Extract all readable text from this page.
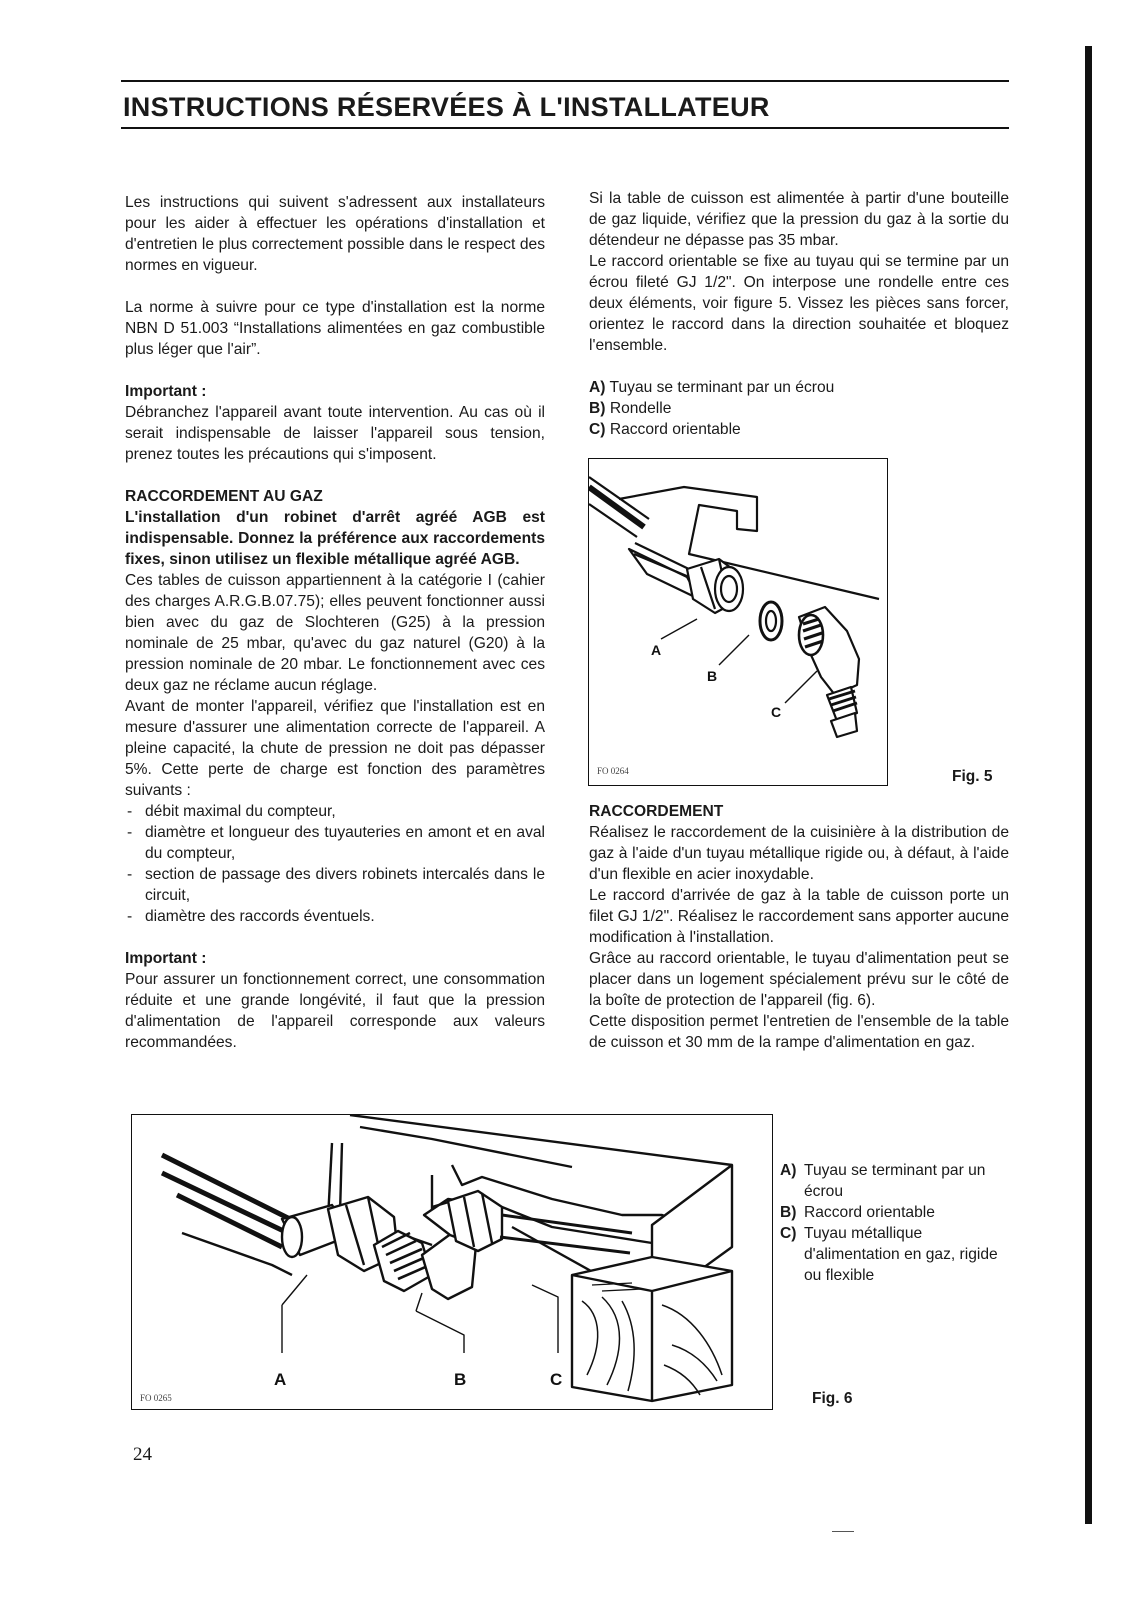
INSTRUCTIONS RÉSERVÉES À L'INSTALLATEUR

Les instructions qui suivent s'adressent aux installateurs pour les aider à effectuer les opérations d'installation et d'entretien le plus correctement possible dans le respect des normes en vigueur.

La norme à suivre pour ce type d'installation est la norme NBN D 51.003 “Installations alimentées en gaz combustible plus léger que l'air”.

Important :

Débranchez l'appareil avant toute intervention. Au cas où il serait indispensable de laisser l'appareil sous tension, prenez toutes les précautions qui s'imposent.

RACCORDEMENT AU GAZ

L'installation d'un robinet d'arrêt agréé AGB est indispensable. Donnez la préférence aux raccordements fixes, sinon utilisez un flexible métallique agréé AGB.

Ces tables de cuisson appartiennent à la catégorie I (cahier des charges A.R.G.B.07.75); elles peuvent fonctionner aussi bien avec du gaz de Slochteren (G25) à la pression nominale de 25 mbar, qu'avec du gaz naturel (G20) à la pression nominale de 20 mbar. Le fonctionnement avec ces deux gaz ne réclame aucun réglage.

Avant de monter l'appareil, vérifiez que l'installation est en mesure d'assurer une alimentation correcte de l'appareil. A pleine capacité, la chute de pression ne doit pas dépasser 5%. Cette perte de charge est fonction des paramètres suivants :

- débit maximal du compteur,

- diamètre et longueur des tuyauteries en amont et en aval du compteur,

- section de passage des divers robinets intercalés dans le circuit,

- diamètre des raccords éventuels.

Important :

Pour assurer un fonctionnement correct, une consommation réduite et une grande longévité, il faut que la pression d'alimentation de l'appareil corresponde aux valeurs recommandées.

Si la table de cuisson est alimentée à partir d'une bouteille de gaz liquide, vérifiez que la pression du gaz à la sortie du détendeur ne dépasse pas 35 mbar.

Le raccord orientable se fixe au tuyau qui se termine par un écrou fileté GJ 1/2". On interpose une rondelle entre ces deux éléments, voir figure 5. Vissez les pièces sans forcer, orientez le raccord dans la direction souhaitée et bloquez l'ensemble.

A) Tuyau se terminant par un écrou

B) Rondelle

C) Raccord orientable

A
B
C
FO 0264	Fig. 5

RACCORDEMENT

Réalisez le raccordement de la cuisinière à la distribution de gaz à l'aide d'un tuyau métallique rigide ou, à défaut, à l'aide d'un flexible en acier inoxydable.

Le raccord d'arrivée de gaz à la table de cuisson porte un filet GJ 1/2". Réalisez le raccordement sans apporter aucune modification à l'installation.

Grâce au raccord orientable, le tuyau d'alimentation peut se placer dans un logement spécialement prévu sur le côté de la boîte de protection de l'appareil (fig. 6).

Cette disposition permet l'entretien de l'ensemble de la table de cuisson et 30 mm de la rampe d'alimentation en gaz.

A	B	C
FO 0265
A) Tuyau se terminant par un écrou
B) Raccord orientable
C) Tuyau métallique d'alimentation en gaz, rigide ou flexible
Fig. 6
24
